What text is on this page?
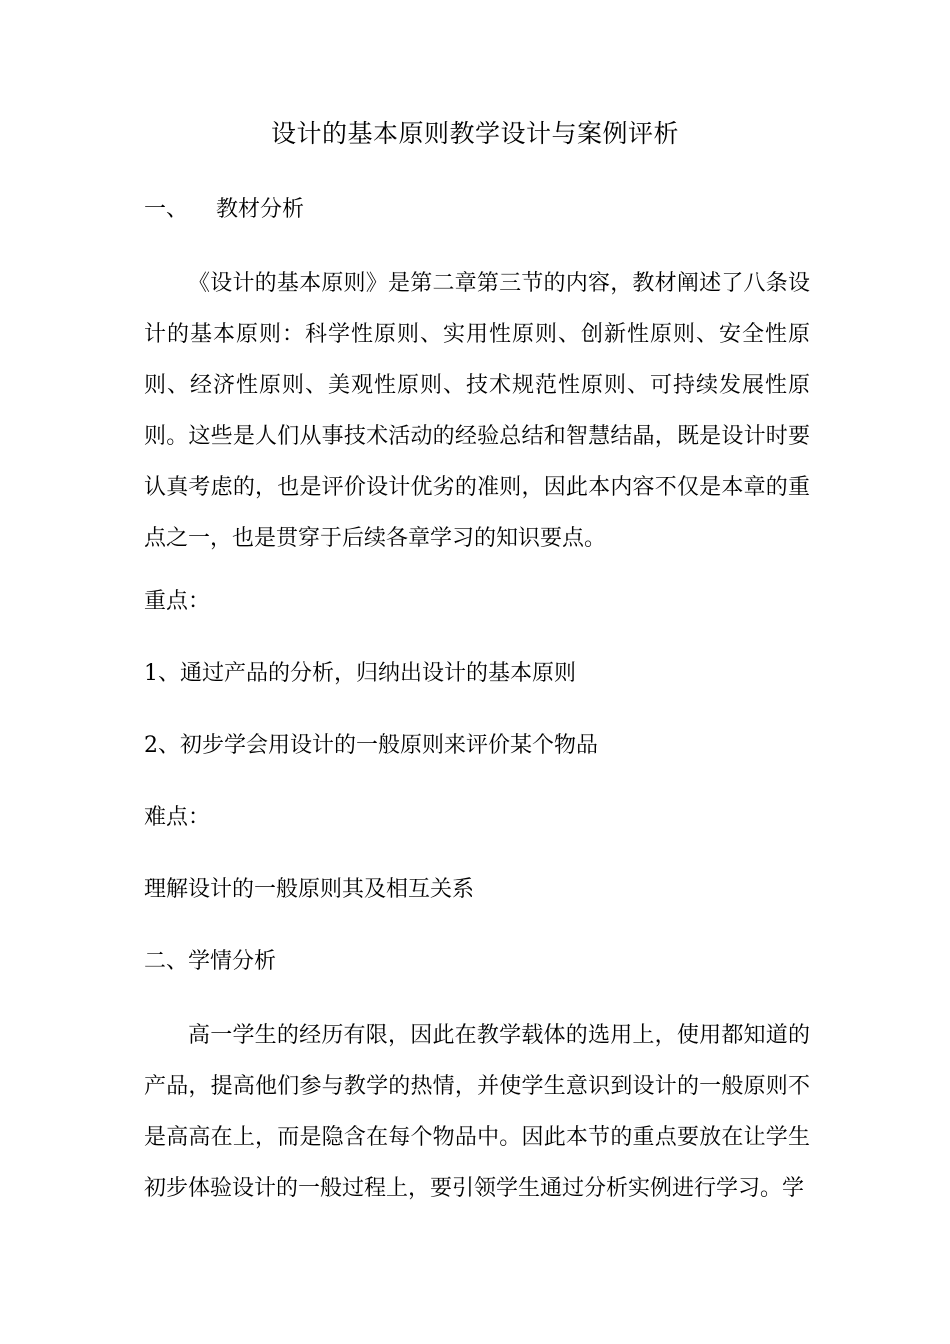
设计的基本原则教学设计与案例评析
一、 教材分析

《设计的基本原则》是第二章第三节的内容，教材阐述了八条设计的基本原则：科学性原则、实用性原则、创新性原则、安全性原则、经济性原则、美观性原则、技术规范性原则、可持续发展性原则。这些是人们从事技术活动的经验总结和智慧结晶，既是设计时要认真考虑的，也是评价设计优劣的准则，因此本内容不仅是本章的重点之一，也是贯穿于后续各章学习的知识要点。

重点：
1、通过产品的分析，归纳出设计的基本原则
2、初步学会用设计的一般原则来评价某个物品
难点：
理解设计的一般原则其及相互关系
二、学情分析

高一学生的经历有限，因此在教学载体的选用上，使用都知道的产品，提高他们参与教学的热情，并使学生意识到设计的一般原则不是高高在上，而是隐含在每个物品中。因此本节的重点要放在让学生初步体验设计的一般过程上，要引领学生通过分析实例进行学习。学
